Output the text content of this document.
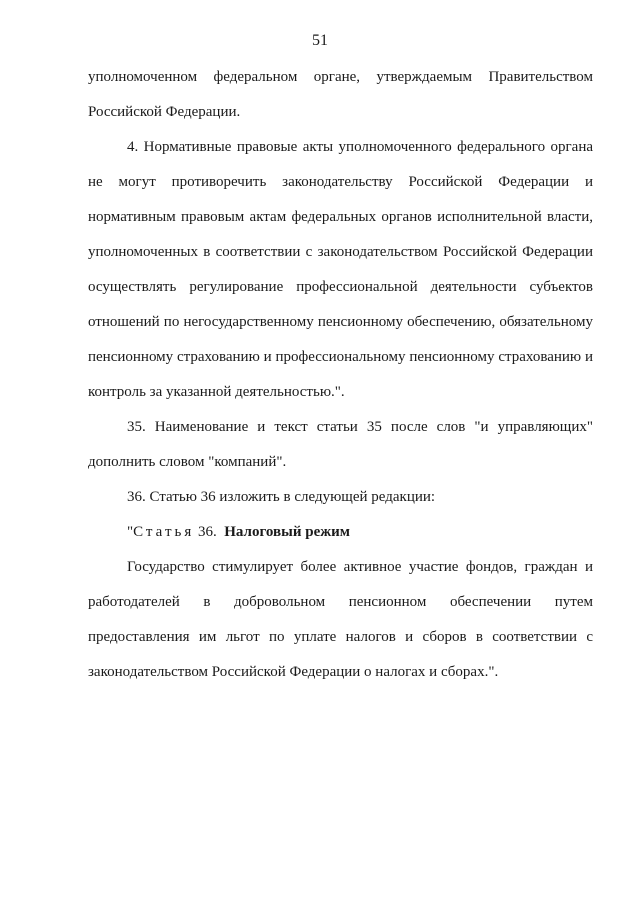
51

уполномоченном федеральном органе, утверждаемым Правительством Российской Федерации.

4. Нормативные правовые акты уполномоченного федерального органа не могут противоречить законодательству Российской Федерации и нормативным правовым актам федеральных органов исполнительной власти, уполномоченных в соответствии с законодательством Российской Федерации осуществлять регулирование профессиональной деятельности субъектов отношений по негосударственному пенсионному обеспечению, обязательному пенсионному страхованию и профессиональному пенсионному страхованию и контроль за указанной деятельностью.".

35. Наименование и текст статьи 35 после слов "и управляющих" дополнить словом "компаний".

36. Статью 36 изложить в следующей редакции:

"Статья 36.  Налоговый режим

Государство стимулирует более активное участие фондов, граждан и работодателей в добровольном пенсионном обеспечении путем предоставления им льгот по уплате налогов и сборов в соответствии с законодательством Российской Федерации о налогах и сборах.".
